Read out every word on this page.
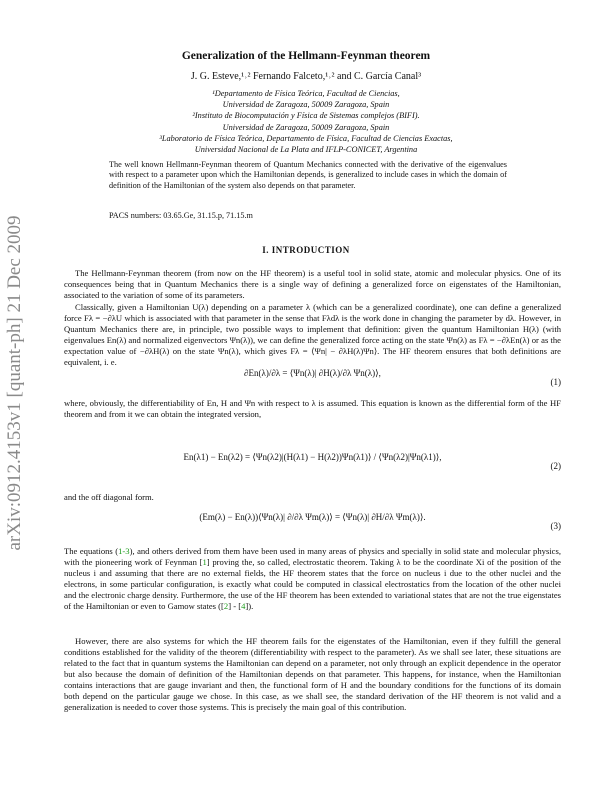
arXiv:0912.4153v1 [quant-ph] 21 Dec 2009
Generalization of the Hellmann-Feynman theorem
J. G. Esteve,¹˒² Fernando Falceto,¹˒² and C. García Canal³
¹Departamento de Física Teórica, Facultad de Ciencias,
Universidad de Zaragoza, 50009 Zaragoza, Spain
²Instituto de Biocomputación y Física de Sistemas complejos (BIFI).
Universidad de Zaragoza, 50009 Zaragoza, Spain
³Laboratorio de Física Teórica, Departamento de Física, Facultad de Ciencias Exactas,
Universidad Nacional de La Plata and IFLP-CONICET, Argentina
The well known Hellmann-Feynman theorem of Quantum Mechanics connected with the derivative of the eigenvalues with respect to a parameter upon which the Hamiltonian depends, is generalized to include cases in which the domain of definition of the Hamiltonian of the system also depends on that parameter.
PACS numbers: 03.65.Ge, 31.15.p, 71.15.m
I. INTRODUCTION
The Hellmann-Feynman theorem (from now on the HF theorem) is a useful tool in solid state, atomic and molecular physics. One of its consequences being that in Quantum Mechanics there is a single way of defining a generalized force on eigenstates of the Hamiltonian, associated to the variation of some of its parameters.
Classically, given a Hamiltonian U(λ) depending on a parameter λ (which can be a generalized coordinate), one can define a generalized force Fλ = −∂λU which is associated with that parameter in the sense that Fλdλ is the work done in changing the parameter by dλ. However, in Quantum Mechanics there are, in principle, two possible ways to implement that definition: given the quantum Hamiltonian H(λ) (with eigenvalues En(λ) and normalized eigenvectors Ψn(λ)), we can define the generalized force acting on the state Ψn(λ) as Fλ = −∂λEn(λ) or as the expectation value of −∂λH(λ) on the state Ψn(λ), which gives Fλ = ⟨Ψn| − ∂λH(λ)Ψn⟩. The HF theorem ensures that both definitions are equivalent, i. e.
∂En(λ)/∂λ = ⟨Ψn(λ)| ∂H(λ)/∂λ Ψn(λ)⟩,
(1)
where, obviously, the differentiability of En, H and Ψn with respect to λ is assumed. This equation is known as the differential form of the HF theorem and from it we can obtain the integrated version,
En(λ1) − En(λ2) = ⟨Ψn(λ2)|(H(λ1) − H(λ2))Ψn(λ1)⟩ / ⟨Ψn(λ2)|Ψn(λ1)⟩,
(2)
and the off diagonal form.
(Em(λ) − En(λ))⟨Ψn(λ)| ∂/∂λ Ψm(λ)⟩ = ⟨Ψn(λ)| ∂H/∂λ Ψm(λ)⟩.
(3)
The equations (1-3), and others derived from them have been used in many areas of physics and specially in solid state and molecular physics, with the pioneering work of Feynman [1] proving the, so called, electrostatic theorem. Taking λ to be the coordinate Xi of the position of the nucleus i and assuming that there are no external fields, the HF theorem states that the force on nucleus i due to the other nuclei and the electrons, in some particular configuration, is exactly what could be computed in classical electrostatics from the location of the other nuclei and the electronic charge density. Furthermore, the use of the HF theorem has been extended to variational states that are not the true eigenstates of the Hamiltonian or even to Gamow states ([2] - [4]).
However, there are also systems for which the HF theorem fails for the eigenstates of the Hamiltonian, even if they fulfill the general conditions established for the validity of the theorem (differentiability with respect to the parameter). As we shall see later, these situations are related to the fact that in quantum systems the Hamiltonian can depend on a parameter, not only through an explicit dependence in the operator but also because the domain of definition of the Hamiltonian depends on that parameter. This happens, for instance, when the Hamiltonian contains interactions that are gauge invariant and then, the functional form of H and the boundary conditions for the functions of its domain both depend on the particular gauge we chose. In this case, as we shall see, the standard derivation of the HF theorem is not valid and a generalization is needed to cover those systems. This is precisely the main goal of this contribution.
